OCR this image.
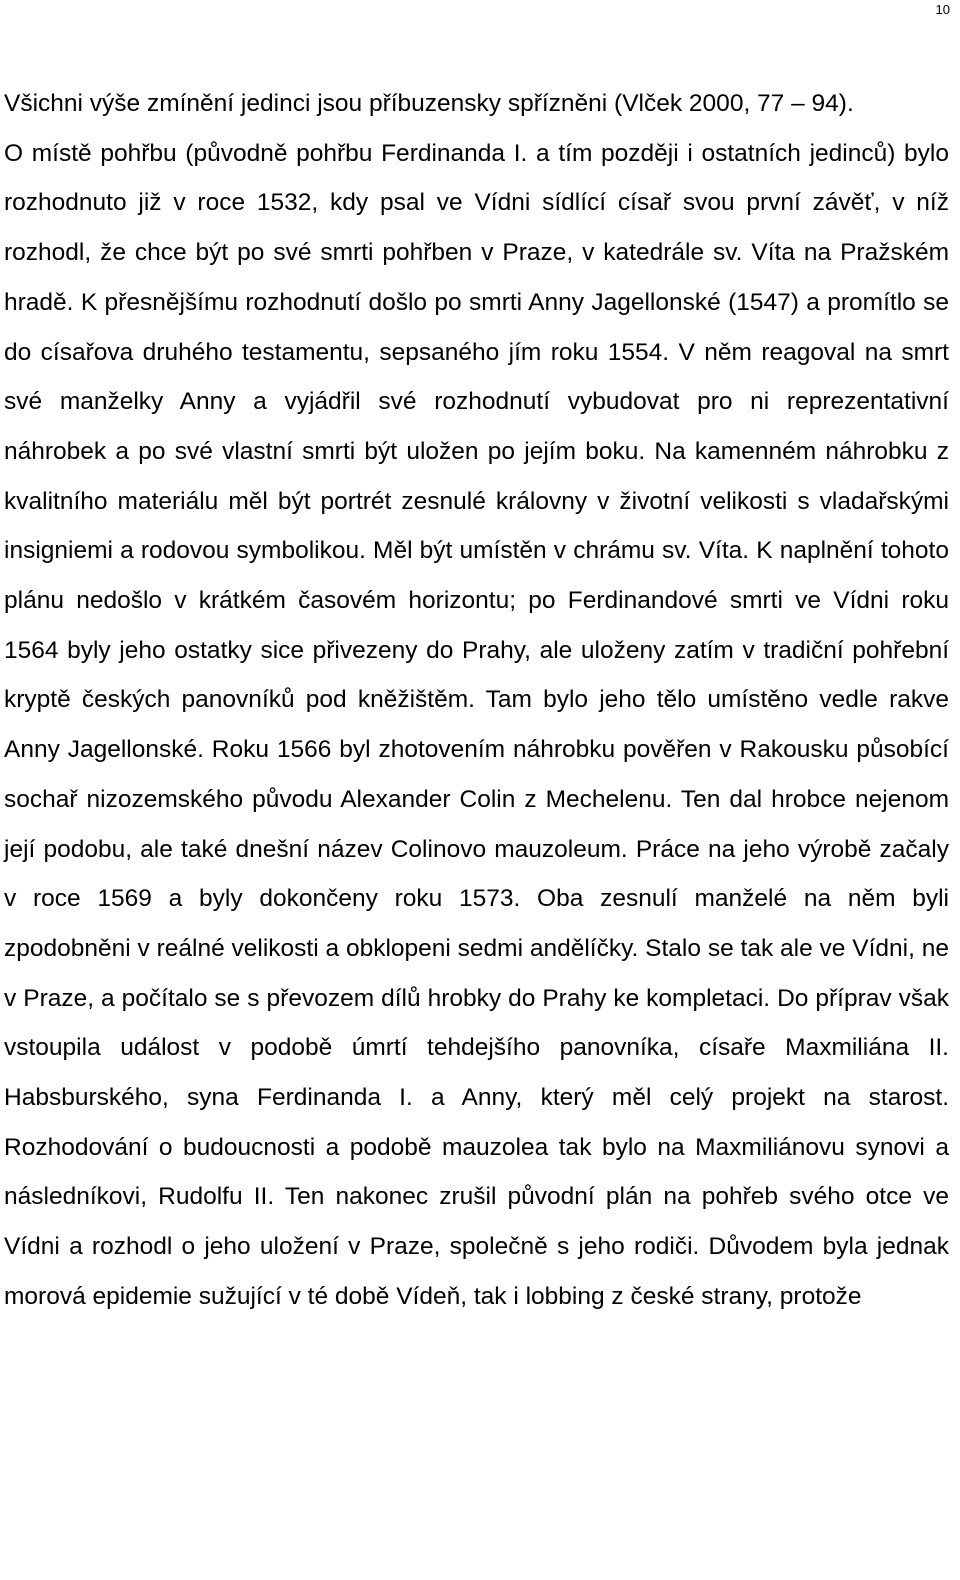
10

Všichni výše zmínění jedinci jsou příbuzensky spřízněni (Vlček 2000, 77 – 94).

O místě pohřbu (původně pohřbu Ferdinanda I. a tím později i ostatních jedinců) bylo rozhodnuto již v roce 1532, kdy psal ve Vídni sídlící císař svou první závěť, v níž rozhodl, že chce být po své smrti pohřben v Praze, v katedrále sv. Víta na Pražském hradě. K přesnějšímu rozhodnutí došlo po smrti Anny Jagellonské (1547) a promítlo se do císařova druhého testamentu, sepsaného jím roku 1554. V něm reagoval na smrt své manželky Anny a vyjádřil své rozhodnutí vybudovat pro ni reprezentativní náhrobek a po své vlastní smrti být uložen po jejím boku. Na kamenném náhrobku z kvalitního materiálu měl být portrét zesnulé královny v životní velikosti s vladařskými insigniemi a rodovou symbolikou. Měl být umístěn v chrámu sv. Víta. K naplnění tohoto plánu nedošlo v krátkém časovém horizontu; po Ferdinandové smrti ve Vídni roku 1564 byly jeho ostatky sice přivezeny do Prahy, ale uloženy zatím v tradiční pohřební kryptě českých panovníků pod kněžištěm. Tam bylo jeho tělo umístěno vedle rakve Anny Jagellonské. Roku 1566 byl zhotovením náhrobku pověřen v Rakousku působící sochař nizozemského původu Alexander Colin z Mechelenu. Ten dal hrobce nejenom její podobu, ale také dnešní název Colinovo mauzoleum. Práce na jeho výrobě začaly v roce 1569 a byly dokončeny roku 1573. Oba zesnulí manželé na něm byli zpodobněni v reálné velikosti a obklopeni sedmi andělíčky. Stalo se tak ale ve Vídni, ne v Praze, a počítalo se s převozem dílů hrobky do Prahy ke kompletaci. Do příprav však vstoupila událost v podobě úmrtí tehdejšího panovníka, císaře Maxmiliána II. Habsburského, syna Ferdinanda I. a Anny, který měl celý projekt na starost. Rozhodování o budoucnosti a podobě mauzolea tak bylo na Maxmiliánovu synovi a následníkovi, Rudolfu II. Ten nakonec zrušil původní plán na pohřeb svého otce ve Vídni a rozhodl o jeho uložení v Praze, společně s jeho rodiči. Důvodem byla jednak morová epidemie sužující v té době Vídeň, tak i lobbing z české strany, protože
